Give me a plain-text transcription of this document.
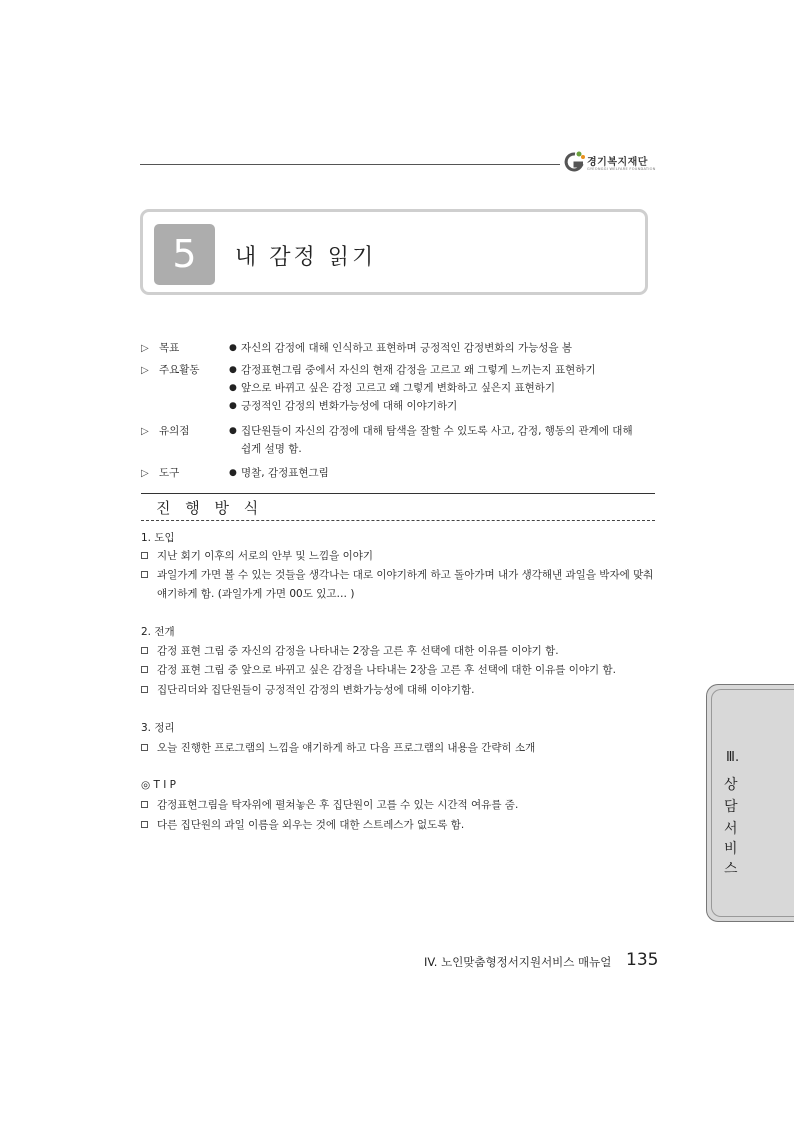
경기복지재단
GYEONGGI WELFARE FOUNDATION
5	내 감정 읽기
▷ 목표	● 자신의 감정에 대해 인식하고 표현하며 긍정적인 감정변화의 가능성을 봄
▷ 주요활동	● 감정표현그림 중에서 자신의 현재 감정을 고르고 왜 그렇게 느끼는지 표현하기
● 앞으로 바뀌고 싶은 감정 고르고 왜 그렇게 변화하고 싶은지 표현하기
● 긍정적인 감정의 변화가능성에 대해 이야기하기
▷ 유의점	● 집단원들이 자신의 감정에 대해 탐색을 잘할 수 있도록 사고, 감정, 행동의 관계에 대해
쉽게 설명 함.
▷ 도구	● 명찰, 감정표현그림
진 행 방 식
1. 도입
지난 회기 이후의 서로의 안부 및 느낌을 이야기
과일가게 가면 볼 수 있는 것들을 생각나는 대로 이야기하게 하고 돌아가며 내가 생각해낸 과일을 박자에 맞춰
얘기하게 함. (과일가게 가면 00도 있고… )
2. 전개
감정 표현 그림 중 자신의 감정을 나타내는 2장을 고른 후 선택에 대한 이유를 이야기 함.
감정 표현 그림 중 앞으로 바뀌고 싶은 감정을 나타내는 2장을 고른 후 선택에 대한 이유를 이야기 함.
집단리더와 집단원들이 긍정적인 감정의 변화가능성에 대해 이야기함.
3. 정리
오늘 진행한 프로그램의 느낌을 얘기하게 하고 다음 프로그램의 내용을 간략히 소개
◎ T I P
감정표현그림을 탁자위에 펼쳐놓은 후 집단원이 고를 수 있는 시간적 여유를 줌.
다른 집단원의 과일 이름을 외우는 것에 대한 스트레스가 없도록 함.
Ⅲ.
상
담
서
비
스
IV. 노인맞춤형정서지원서비스 매뉴얼 135
